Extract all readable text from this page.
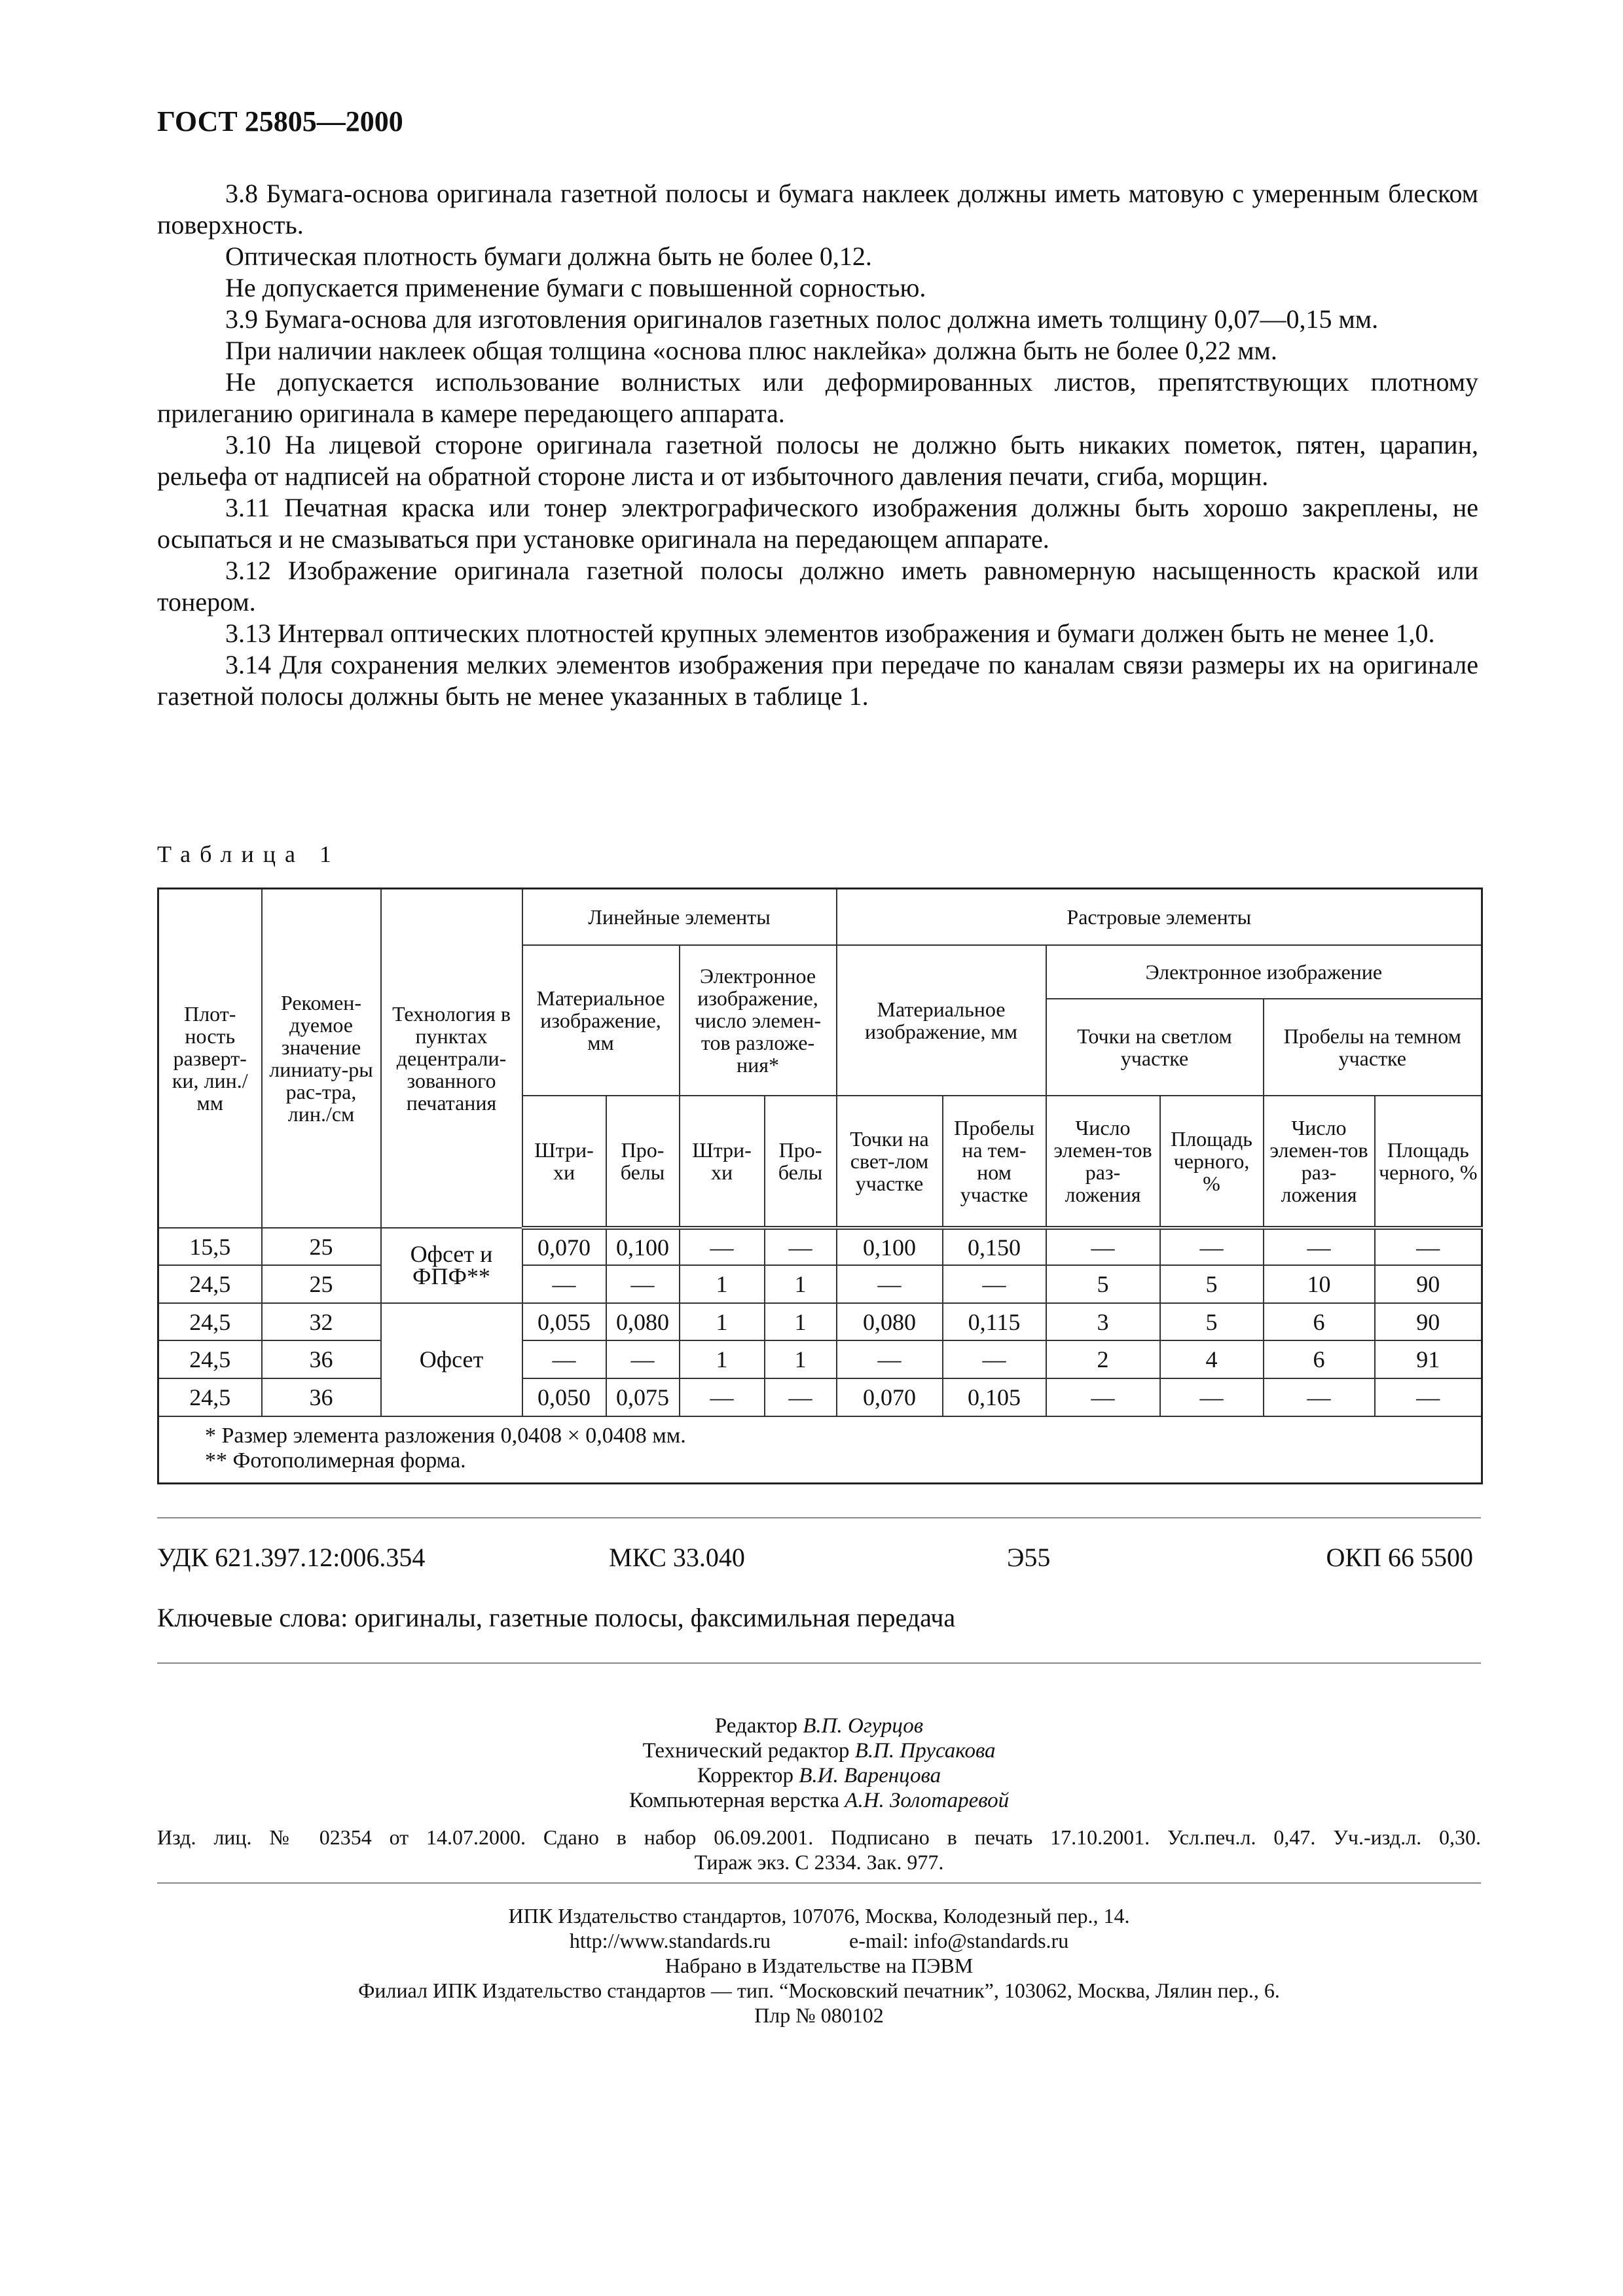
ГОСТ 25805—2000

3.8 Бумага-основа оригинала газетной полосы и бумага наклеек должны иметь матовую с умеренным блеском поверхность.

Оптическая плотность бумаги должна быть не более 0,12.

Не допускается применение бумаги с повышенной сорностью.

3.9 Бумага-основа для изготовления оригиналов газетных полос должна иметь толщину 0,07—0,15 мм.

При наличии наклеек общая толщина «основа плюс наклейка» должна быть не более 0,22 мм.

Не допускается использование волнистых или деформированных листов, препятствующих плотному прилеганию оригинала в камере передающего аппарата.

3.10 На лицевой стороне оригинала газетной полосы не должно быть никаких пометок, пятен, царапин, рельефа от надписей на обратной стороне листа и от избыточного давления печати, сгиба, морщин.

3.11 Печатная краска или тонер электрографического изображения должны быть хорошо закреплены, не осыпаться и не смазываться при установке оригинала на передающем аппарате.

3.12 Изображение оригинала газетной полосы должно иметь равномерную насыщенность краской или тонером.

3.13 Интервал оптических плотностей крупных элементов изображения и бумаги должен быть не менее 1,0.

3.14 Для сохранения мелких элементов изображения при передаче по каналам связи размеры их на оригинале газетной полосы должны быть не менее указанных в таблице 1.

Таблица 1
Плот-ность разверт-ки, лин./мм	Рекомен-дуемое значение линиату-ры рас-тра, лин./см	Технология в пунктах децентрали-зованного печатания	Линейные элементы				Растровые элементы					
			Материальное изображение, мм		Электронное изображение, число элемен-тов разложе-ния*		Материальное изображение, мм		Электронное изображение			
									Точки на светлом участке		Пробелы на темном участке	
			Штри-хи	Про-белы	Штри-хи	Про-белы	Точки на свет-лом участке	Пробелы на тем-ном участке	Число элемен-тов раз-ложения	Площадь черного, %	Число элемен-тов раз-ложения	Площадь черного, %
15,5	25	Офсет и ФПФ**	0,070	0,100	—	—	0,100	0,150	—	—	—	—
24,5	25		—	—	1	1	—	—	5	5	10	90
24,5	32	Офсет	0,055	0,080	1	1	0,080	0,115	3	5	6	90
24,5	36		—	—	1	1	—	—	2	4	6	91
24,5	36		0,050	0,075	—	—	0,070	0,105	—	—	—	—

* Размер элемента разложения 0,0408 × 0,0408 мм.
** Фотополимерная форма.												
УДК 621.397.12:006.354	МКС 33.040	Э55	ОКП 66 5500
Ключевые слова: оригиналы, газетные полосы, факсимильная передача
Редактор В.П. Огурцов
Технический редактор В.П. Прусакова
Корректор В.И. Варенцова
Компьютерная верстка А.Н. Золотаревой
Изд. лиц. № 02354 от 14.07.2000. Сдано в набор 06.09.2001. Подписано в печать 17.10.2001. Усл.печ.л. 0,47. Уч.-изд.л. 0,30.
Тираж экз. С 2334. Зак. 977.
ИПК Издательство стандартов, 107076, Москва, Колодезный пер., 14.
http://www.standards.ru	e-mail: info@standards.ru
Набрано в Издательстве на ПЭВМ
Филиал ИПК Издательство стандартов — тип. “Московский печатник”, 103062, Москва, Лялин пер., 6.
Плр № 080102
